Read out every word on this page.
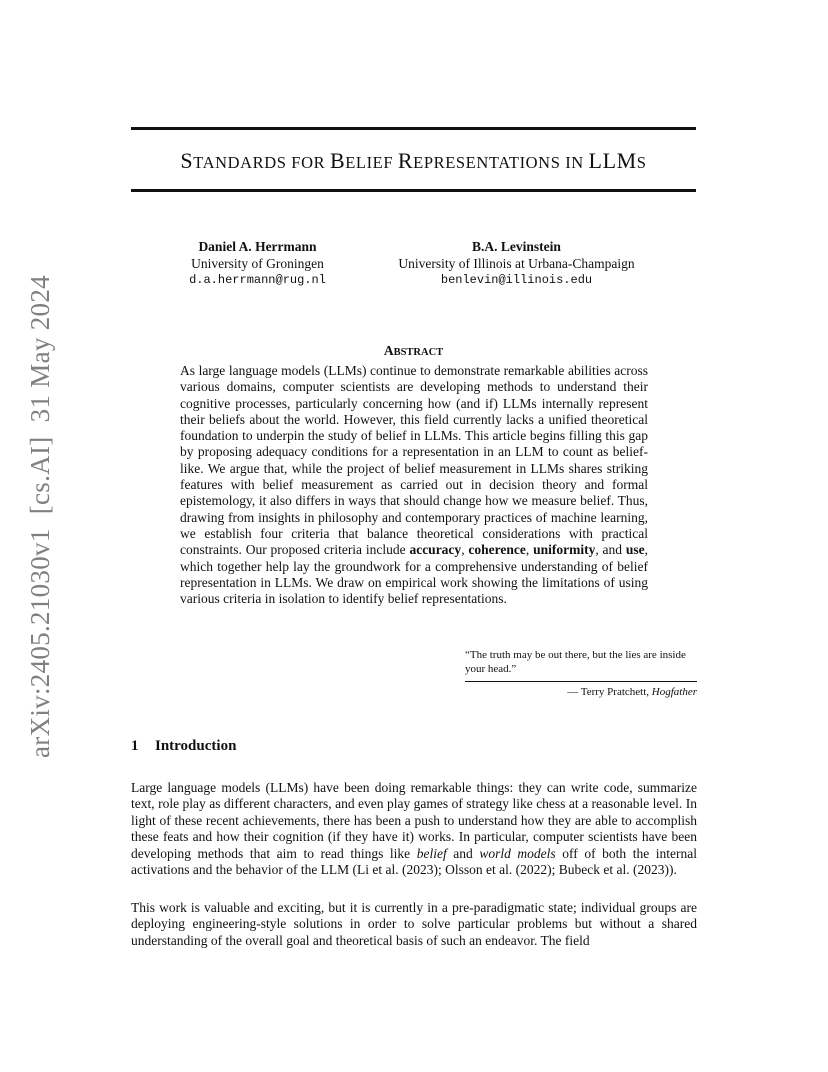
arXiv:2405.21030v1  [cs.AI]  31 May 2024
STANDARDS FOR BELIEF REPRESENTATIONS IN LLMS
Daniel A. Herrmann
University of Groningen
d.a.herrmann@rug.nl
B.A. Levinstein
University of Illinois at Urbana-Champaign
benlevin@illinois.edu
ABSTRACT
As large language models (LLMs) continue to demonstrate remarkable abilities across various domains, computer scientists are developing methods to understand their cognitive processes, particularly concerning how (and if) LLMs internally represent their beliefs about the world. However, this field currently lacks a unified theoretical foundation to underpin the study of belief in LLMs. This article begins filling this gap by proposing adequacy conditions for a representation in an LLM to count as belief-like. We argue that, while the project of belief measurement in LLMs shares striking features with belief measurement as carried out in decision theory and formal epistemology, it also differs in ways that should change how we measure belief. Thus, drawing from insights in philosophy and contemporary practices of machine learning, we establish four criteria that balance theoretical considerations with practical constraints. Our proposed criteria include accuracy, coherence, uniformity, and use, which together help lay the groundwork for a comprehensive understanding of belief representation in LLMs. We draw on empirical work showing the limitations of using various criteria in isolation to identify belief representations.
“The truth may be out there, but the lies are inside your head.”
— Terry Pratchett, Hogfather
1 Introduction
Large language models (LLMs) have been doing remarkable things: they can write code, summarize text, role play as different characters, and even play games of strategy like chess at a reasonable level. In light of these recent achievements, there has been a push to understand how they are able to accomplish these feats and how their cognition (if they have it) works. In particular, computer scientists have been developing methods that aim to read things like belief and world models off of both the internal activations and the behavior of the LLM (Li et al. (2023); Olsson et al. (2022); Bubeck et al. (2023)).
This work is valuable and exciting, but it is currently in a pre-paradigmatic state; individual groups are deploying engineering-style solutions in order to solve particular problems but without a shared understanding of the overall goal and theoretical basis of such an endeavor. The field
